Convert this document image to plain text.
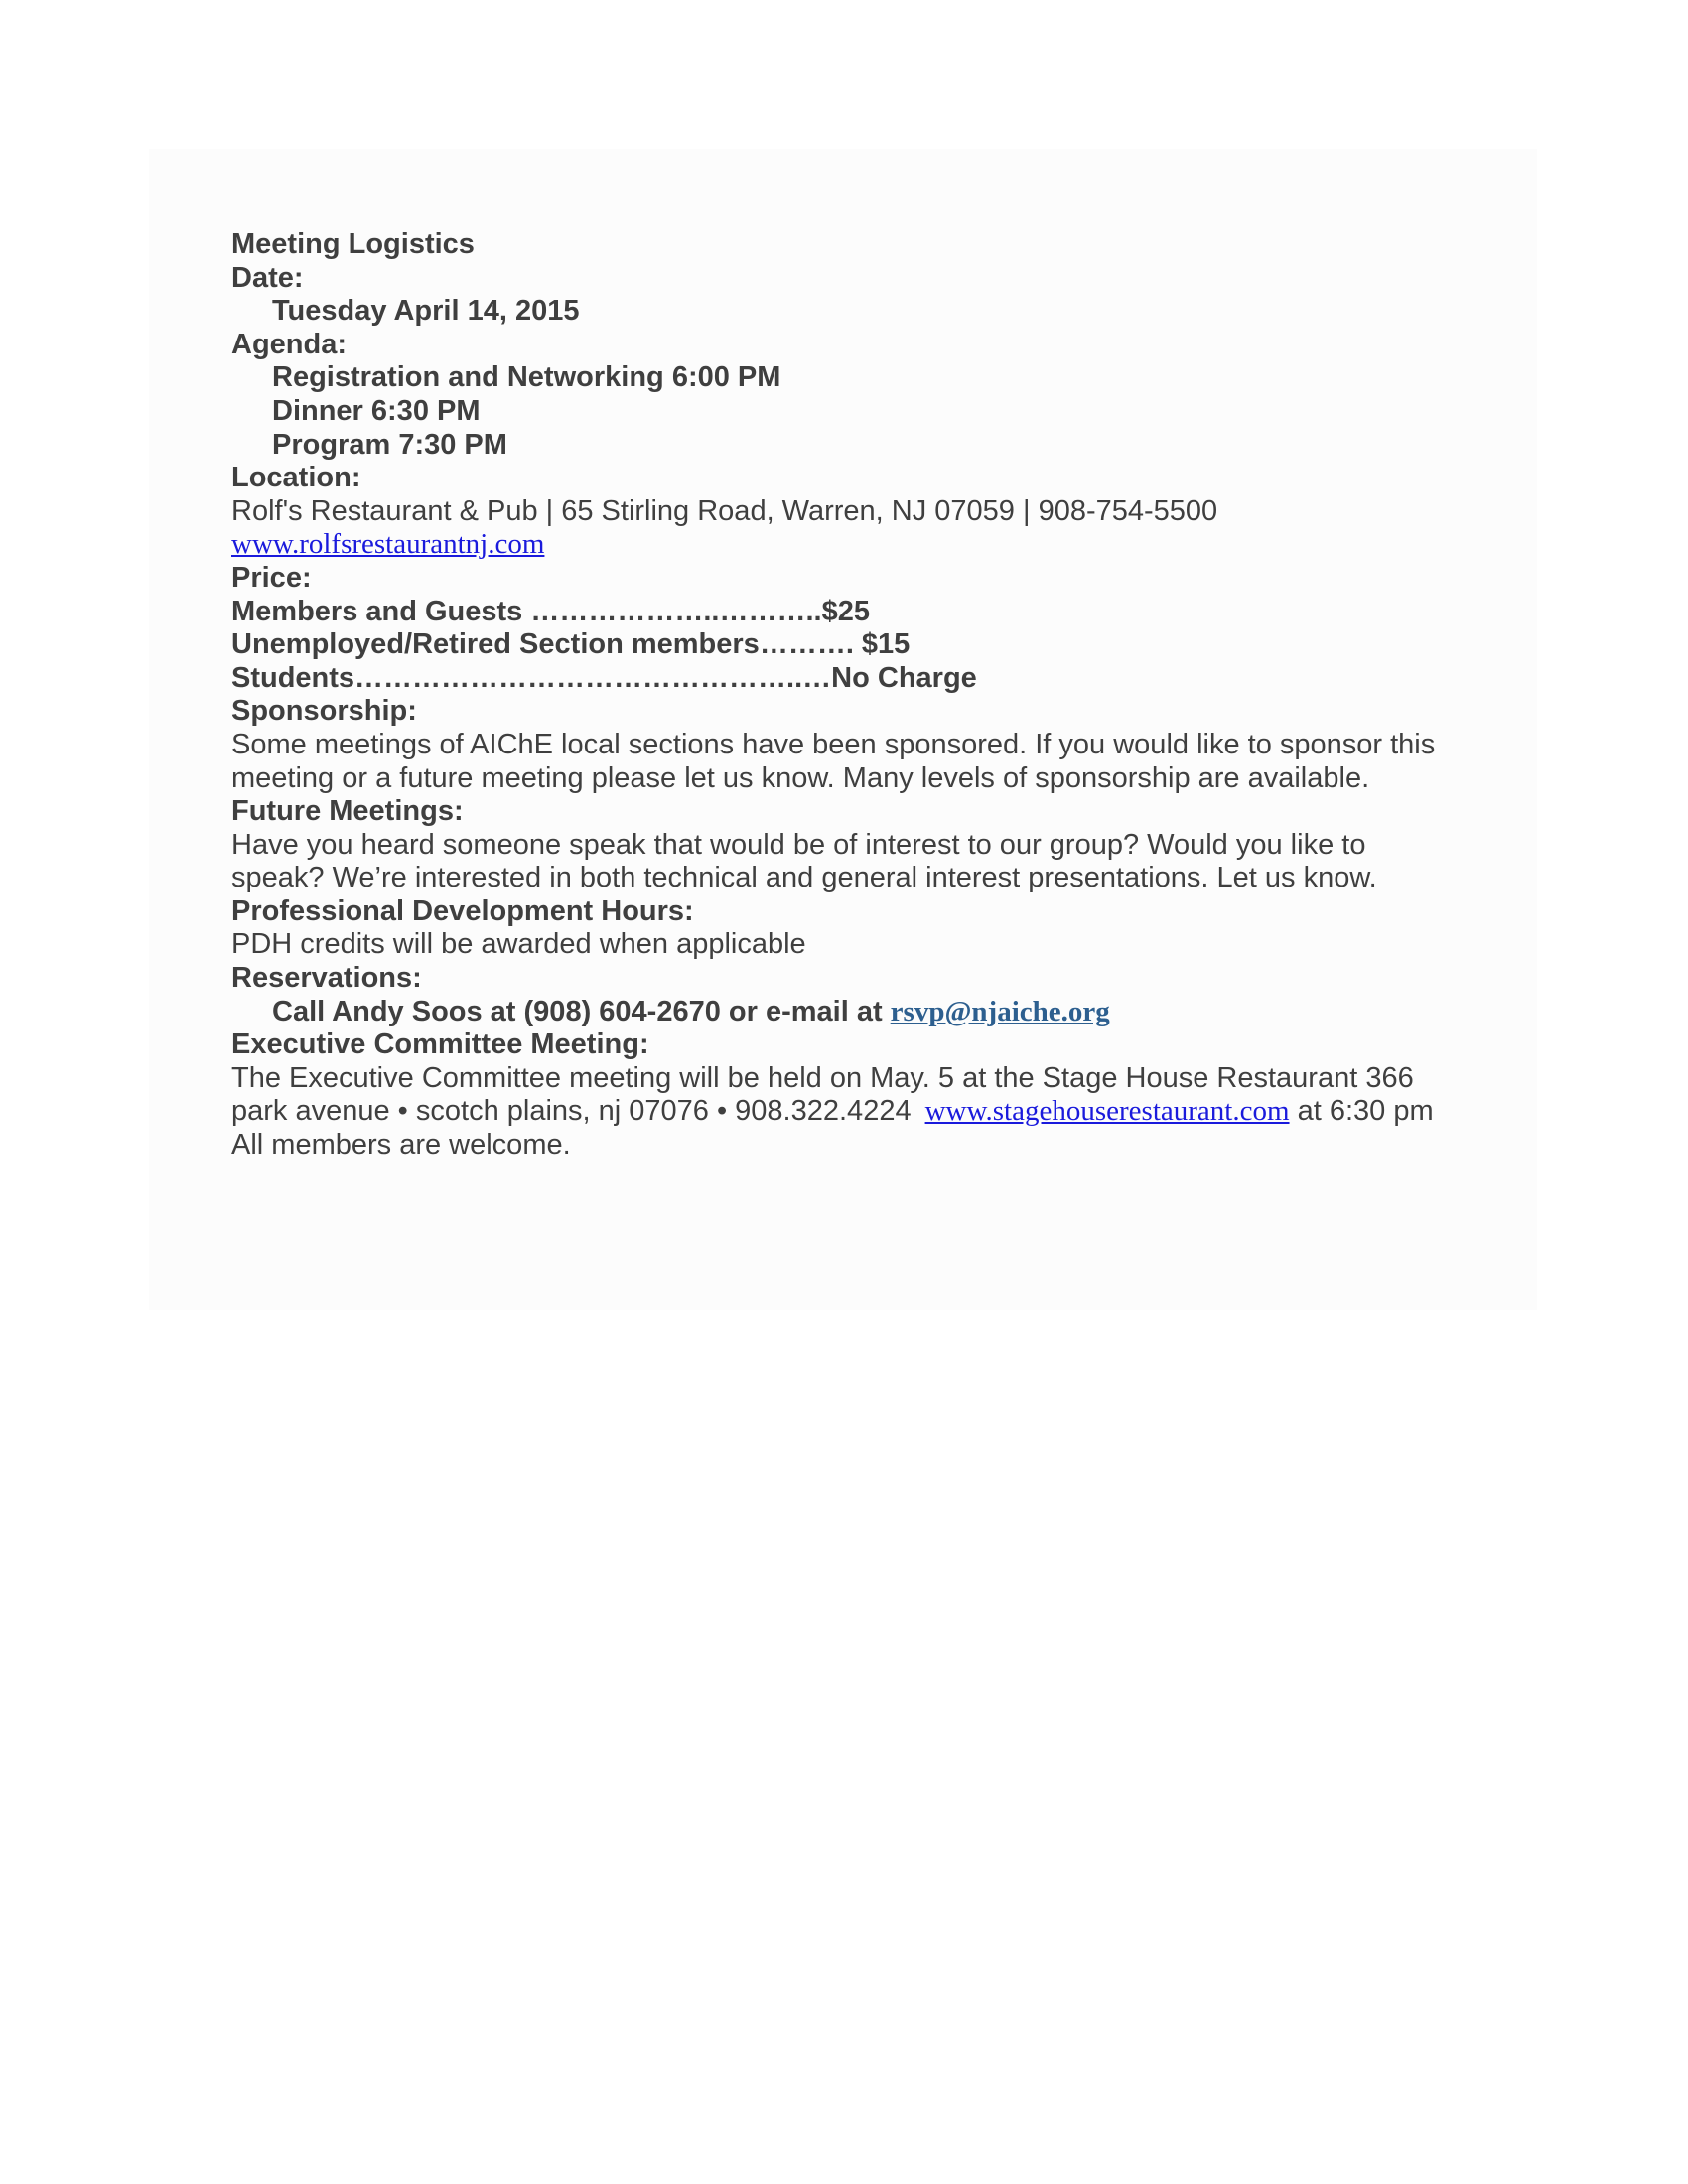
Meeting Logistics
Date:
Tuesday April 14, 2015
Agenda:
Registration and Networking 6:00 PM
Dinner 6:30 PM
Program 7:30 PM
Location:
Rolf's Restaurant & Pub | 65 Stirling Road, Warren, NJ 07059 | 908-754-5500
www.rolfsrestaurantnj.com
Price:
Members and Guests ………………..………..$25
Unemployed/Retired Section members………. $15
Students………………………………………..…No Charge
Sponsorship:
Some meetings of AIChE local sections have been sponsored. If you would like to sponsor this
meeting or a future meeting please let us know. Many levels of sponsorship are available.
Future Meetings:
Have you heard someone speak that would be of interest to our group? Would you like to
speak? We’re interested in both technical and general interest presentations. Let us know.
Professional Development Hours:
PDH credits will be awarded when applicable
Reservations:
Call Andy Soos at (908) 604-2670 or e-mail at rsvp@njaiche.org
Executive Committee Meeting:
The Executive Committee meeting will be held on May. 5 at the Stage House Restaurant 366
park avenue • scotch plains, nj 07076 • 908.322.4224 www.stagehouserestaurant.com at 6:30 pm
All members are welcome.
